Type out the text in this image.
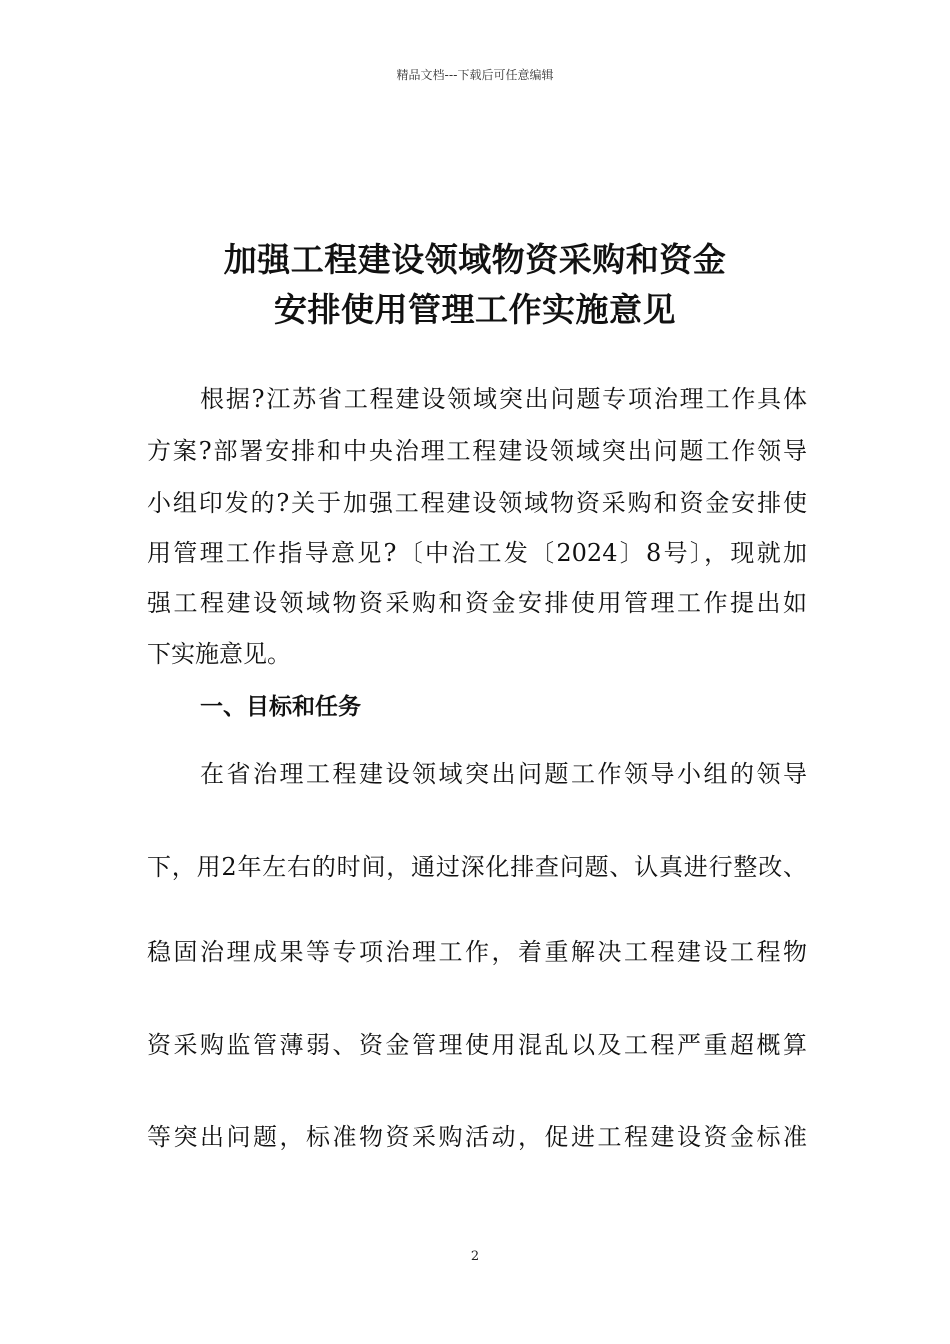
精品文档---下载后可任意编辑
加强工程建设领域物资采购和资金
安排使用管理工作实施意见
根据?江苏省工程建设领域突出问题专项治理工作具体
方案?部署安排和中央治理工程建设领域突出问题工作领导
小组印发的?关于加强工程建设领域物资采购和资金安排使
用管理工作指导意见?〔中治工发〔2024〕8号〕，现就加
强工程建设领域物资采购和资金安排使用管理工作提出如
下实施意见。
一、目标和任务
在省治理工程建设领域突出问题工作领导小组的领导
下，用2年左右的时间，通过深化排查问题、认真进行整改、
稳固治理成果等专项治理工作，着重解决工程建设工程物
资采购监管薄弱、资金管理使用混乱以及工程严重超概算
等突出问题，标准物资采购活动，促进工程建设资金标准
2
